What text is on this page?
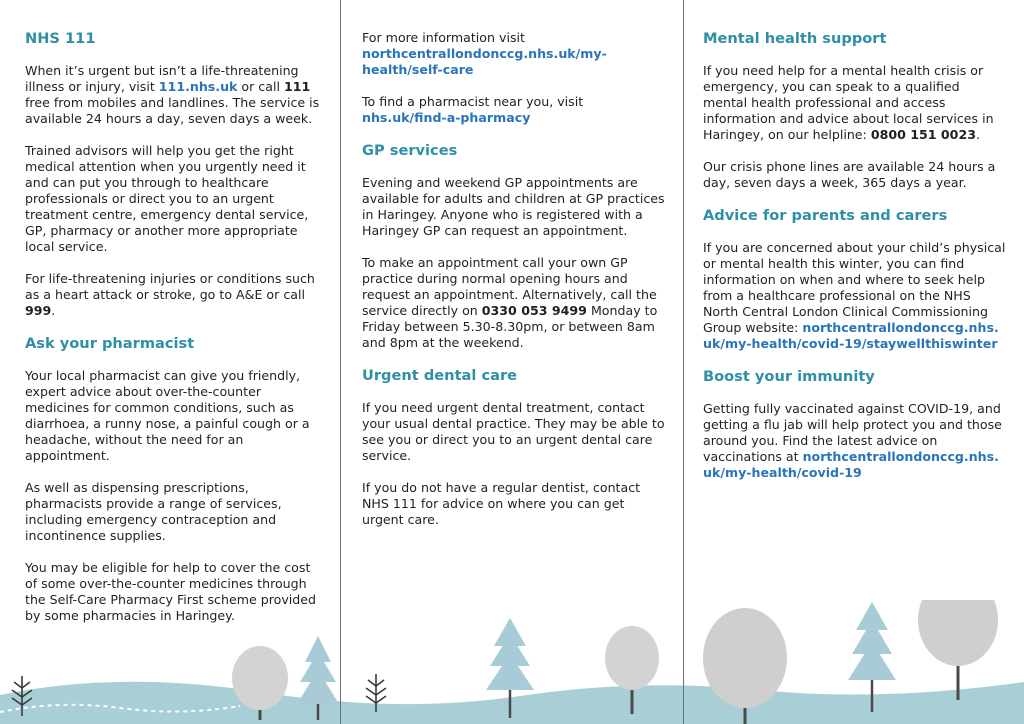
NHS 111

When it’s urgent but isn’t a life-threatening illness or injury, visit 111.nhs.uk or call 111 free from mobiles and landlines. The service is available 24 hours a day, seven days a week.

Trained advisors will help you get the right medical attention when you urgently need it and can put you through to healthcare professionals or direct you to an urgent treatment centre, emergency dental service, GP, pharmacy or another more appropriate local service.

For life-threatening injuries or conditions such as a heart attack or stroke, go to A&E or call 999.

Ask your pharmacist

Your local pharmacist can give you friendly, expert advice about over-the-counter medicines for common conditions, such as diarrhoea, a runny nose, a painful cough or a headache, without the need for an appointment.

As well as dispensing prescriptions, pharmacists provide a range of services, including emergency contraception and incontinence supplies.

You may be eligible for help to cover the cost of some over-the-counter medicines through the Self-Care Pharmacy First scheme provided by some pharmacies in Haringey.

For more information visit northcentrallondonccg.nhs.uk/my-health/self-care

To find a pharmacist near you, visit nhs.uk/find-a-pharmacy

GP services

Evening and weekend GP appointments are available for adults and children at GP practices in Haringey. Anyone who is registered with a Haringey GP can request an appointment.

To make an appointment call your own GP practice during normal opening hours and request an appointment. Alternatively, call the service directly on 0330 053 9499 Monday to Friday between 5.30-8.30pm, or between 8am and 8pm at the weekend.

Urgent dental care

If you need urgent dental treatment, contact your usual dental practice. They may be able to see you or direct you to an urgent dental care service.

If you do not have a regular dentist, contact NHS 111 for advice on where you can get urgent care.

Mental health support

If you need help for a mental health crisis or emergency, you can speak to a qualified mental health professional and access information and advice about local services in Haringey, on our helpline: 0800 151 0023.

Our crisis phone lines are available 24 hours a day, seven days a week, 365 days a year.

Advice for parents and carers

If you are concerned about your child’s physical or mental health this winter, you can find information on when and where to seek help from a healthcare professional on the NHS North Central London Clinical Commissioning Group website: northcentrallondonccg.nhs.uk/my-health/covid-19/staywellthiswinter

Boost your immunity

Getting fully vaccinated against COVID-19, and getting a flu jab will help protect you and those around you. Find the latest advice on vaccinations at northcentrallondonccg.nhs.uk/my-health/covid-19
